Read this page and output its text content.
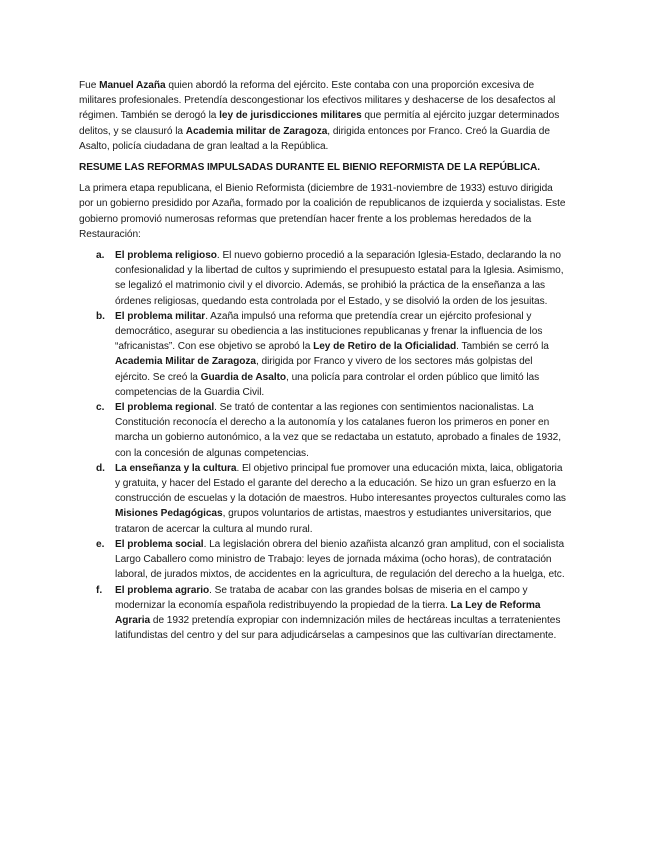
Fue Manuel Azaña quien abordó la reforma del ejército. Este contaba con una proporción excesiva de militares profesionales. Pretendía descongestionar los efectivos militares y deshacerse de los desafectos al régimen. También se derogó la ley de jurisdicciones militares que permitía al ejército juzgar determinados delitos, y se clausuró la Academia militar de Zaragoza, dirigida entonces por Franco. Creó la Guardia de Asalto, policía ciudadana de gran lealtad a la República.

RESUME LAS REFORMAS IMPULSADAS DURANTE EL BIENIO REFORMISTA DE LA REPÚBLICA.

La primera etapa republicana, el Bienio Reformista (diciembre de 1931-noviembre de 1933) estuvo dirigida por un gobierno presidido por Azaña, formado por la coalición de republicanos de izquierda y socialistas. Este gobierno promovió numerosas reformas que pretendían hacer frente a los problemas heredados de la Restauración:

a. El problema religioso. El nuevo gobierno procedió a la separación Iglesia-Estado, declarando la no confesionalidad y la libertad de cultos y suprimiendo el presupuesto estatal para la Iglesia. Asimismo, se legalizó el matrimonio civil y el divorcio. Además, se prohibió la práctica de la enseñanza a las órdenes religiosas, quedando esta controlada por el Estado, y se disolvió la orden de los jesuitas.
b. El problema militar. Azaña impulsó una reforma que pretendía crear un ejército profesional y democrático, asegurar su obediencia a las instituciones republicanas y frenar la influencia de los “africanistas”. Con ese objetivo se aprobó la Ley de Retiro de la Oficialidad. También se cerró la Academia Militar de Zaragoza, dirigida por Franco y vivero de los sectores más golpistas del ejército. Se creó la Guardia de Asalto, una policía para controlar el orden público que limitó las competencias de la Guardia Civil.
c. El problema regional. Se trató de contentar a las regiones con sentimientos nacionalistas. La Constitución reconocía el derecho a la autonomía y los catalanes fueron los primeros en poner en marcha un gobierno autonómico, a la vez que se redactaba un estatuto, aprobado a finales de 1932, con la concesión de algunas competencias.
d. La enseñanza y la cultura. El objetivo principal fue promover una educación mixta, laica, obligatoria y gratuita, y hacer del Estado el garante del derecho a la educación. Se hizo un gran esfuerzo en la construcción de escuelas y la dotación de maestros. Hubo interesantes proyectos culturales como las Misiones Pedagógicas, grupos voluntarios de artistas, maestros y estudiantes universitarios, que trataron de acercar la cultura al mundo rural.
e. El problema social. La legislación obrera del bienio azañista alcanzó gran amplitud, con el socialista Largo Caballero como ministro de Trabajo: leyes de jornada máxima (ocho horas), de contratación laboral, de jurados mixtos, de accidentes en la agricultura, de regulación del derecho a la huelga, etc.
f. El problema agrario. Se trataba de acabar con las grandes bolsas de miseria en el campo y modernizar la economía española redistribuyendo la propiedad de la tierra. La Ley de Reforma Agraria de 1932 pretendía expropiar con indemnización miles de hectáreas incultas a terratenientes latifundistas del centro y del sur para adjudicárselas a campesinos que las cultivarían directamente.
